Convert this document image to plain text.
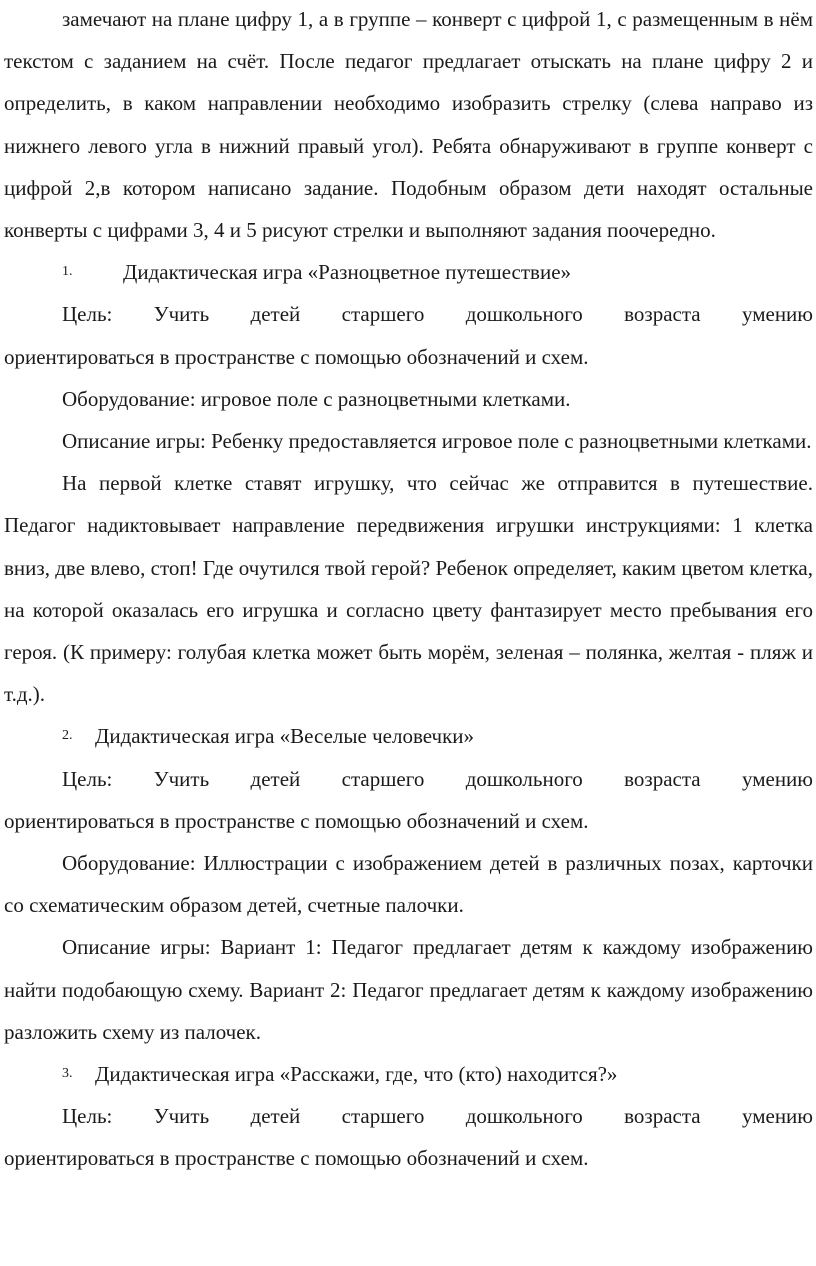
замечают на плане цифру 1, а в группе – конверт с цифрой 1, с размещенным в нём текстом с заданием на счёт. После педагог предлагает отыскать на плане цифру 2 и определить, в каком направлении необходимо изобразить стрелку (слева направо из нижнего левого угла в нижний правый угол). Ребята обнаруживают в группе конверт с цифрой 2,в котором написано задание. Подобным образом дети находят остальные конверты с цифрами 3, 4 и 5 рисуют стрелки и выполняют задания поочередно.

1. Дидактическая игра «Разноцветное путешествие»
Цель: Учить детей старшего дошкольного возраста умению

ориентироваться в пространстве с помощью обозначений и схем.

Оборудование: игровое поле с разноцветными клетками.

Описание игры: Ребенку предоставляется игровое поле с разноцветными клетками.

На первой клетке ставят игрушку, что сейчас же отправится в путешествие. Педагог надиктовывает направление передвижения игрушки инструкциями: 1 клетка вниз, две влево, стоп! Где очутился твой герой? Ребенок определяет, каким цветом клетка, на которой оказалась его игрушка и согласно цвету фантазирует место пребывания его героя. (К примеру: голубая клетка может быть морём, зеленая – полянка, желтая - пляж и т.д.).

2. Дидактическая игра «Веселые человечки»
Цель: Учить детей старшего дошкольного возраста умению

ориентироваться в пространстве с помощью обозначений и схем.

Оборудование: Иллюстрации с изображением детей в различных позах, карточки со схематическим образом детей, счетные палочки.

Описание игры: Вариант 1: Педагог предлагает детям к каждому изображению найти подобающую схему. Вариант 2: Педагог предлагает детям к каждому изображению разложить схему из палочек.

3. Дидактическая игра «Расскажи, где, что (кто) находится?»
Цель: Учить детей старшего дошкольного возраста умению

ориентироваться в пространстве с помощью обозначений и схем.
